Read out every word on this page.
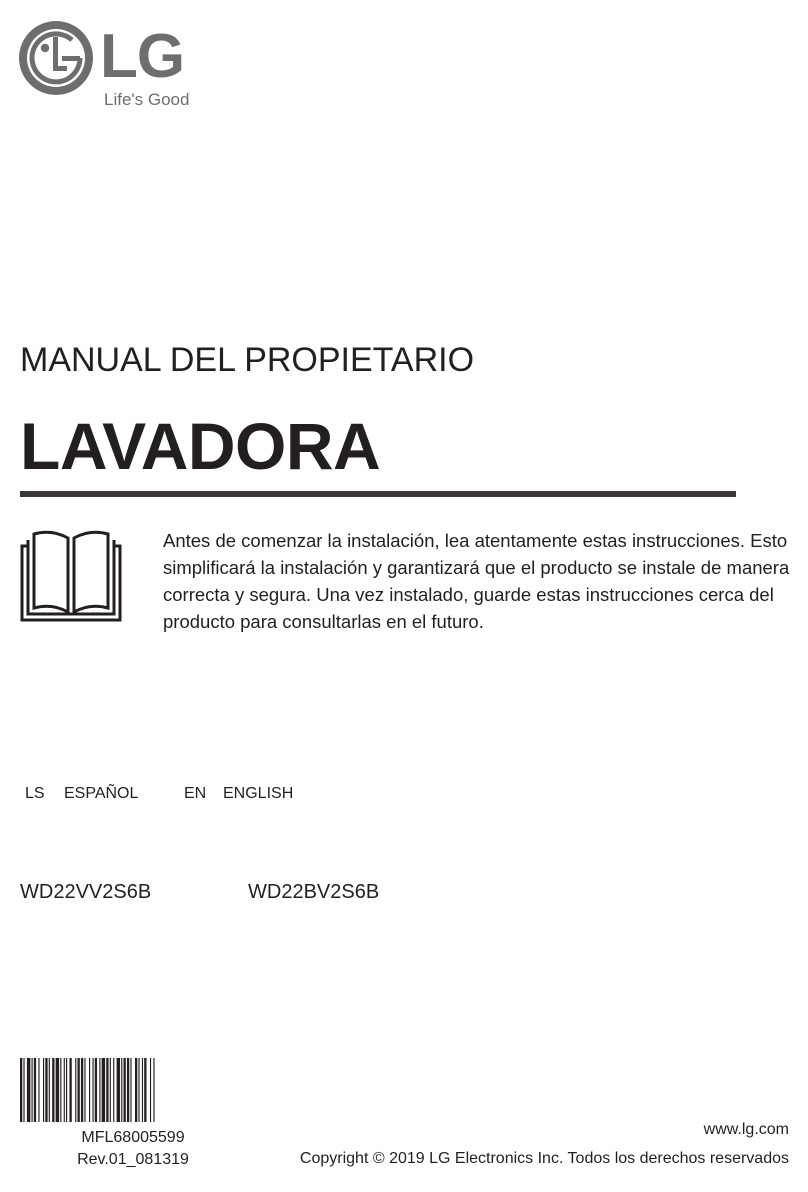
LG
Life's Good
MANUAL DEL PROPIETARIO
LAVADORA
Antes de comenzar la instalación, lea atentamente estas instrucciones. Esto simplificará la instalación y garantizará que el producto se instale de manera correcta y segura. Una vez instalado, guarde estas instrucciones cerca del producto para consultarlas en el futuro.
LS ESPAÑOL	EN ENGLISH
WD22VV2S6B	WD22BV2S6B
MFL68005599
Rev.01_081319
www.lg.com
Copyright © 2019 LG Electronics Inc. Todos los derechos reservados
